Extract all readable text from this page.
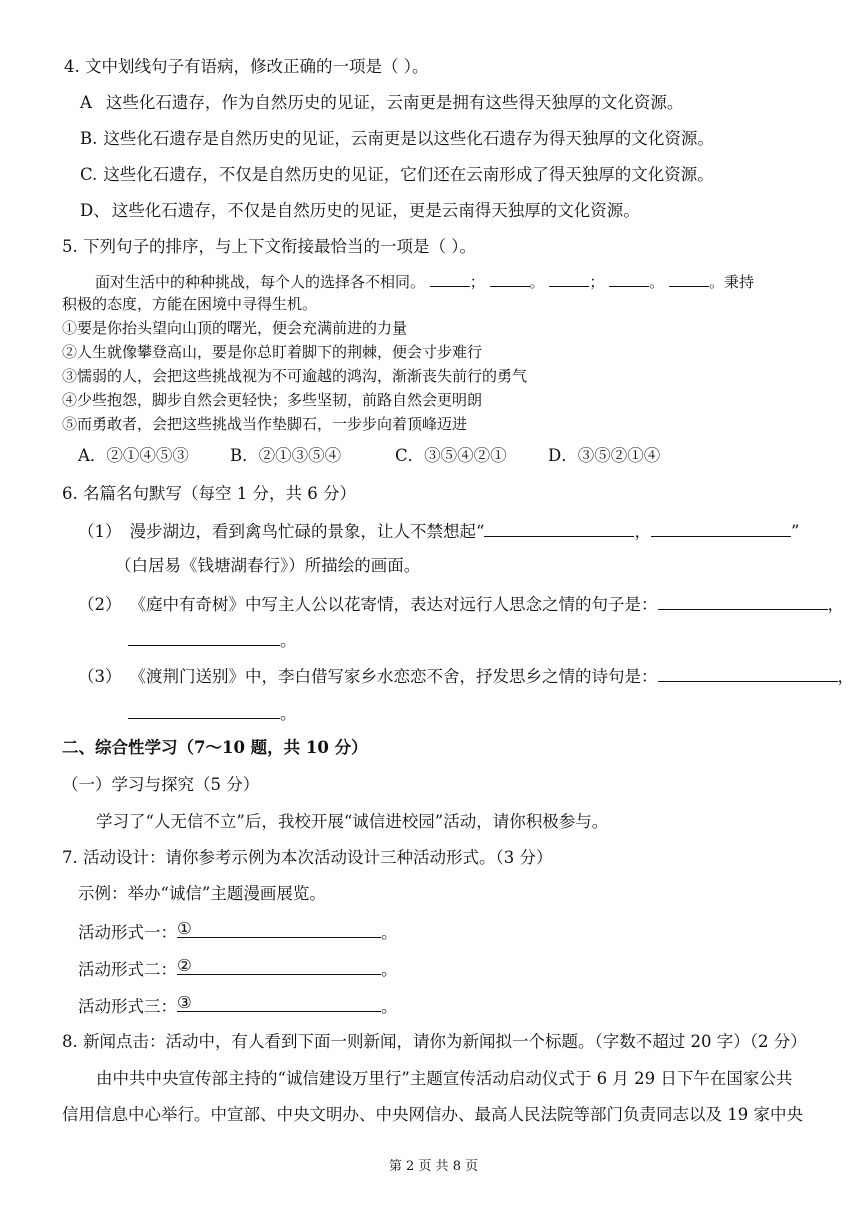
4. 文中划线句子有语病，修改正确的一项是（ ）。
A 这些化石遗存，作为自然历史的见证，云南更是拥有这些得天独厚的文化资源。
B. 这些化石遗存是自然历史的见证，云南更是以这些化石遗存为得天独厚的文化资源。
C. 这些化石遗存，不仅是自然历史的见证，它们还在云南形成了得天独厚的文化资源。
D、 这些化石遗存，不仅是自然历史的见证，更是云南得天独厚的文化资源。
5. 下列句子的排序，与上下文衔接最恰当的一项是（ ）。
面对生活中的种种挑战，每个人的选择各不相同。	；	。	；	。	。秉持
积极的态度，方能在困境中寻得生机。
①要是你抬头望向山顶的曙光，便会充满前进的力量
②人生就像攀登高山，要是你总盯着脚下的荆棘，便会寸步难行
③懦弱的人，会把这些挑战视为不可逾越的鸿沟，渐渐丧失前行的勇气
④少些抱怨，脚步自然会更轻快；多些坚韧，前路自然会更明朗
⑤而勇敢者，会把这些挑战当作垫脚石，一步步向着顶峰迈进
A．②①④⑤③ B．②①③⑤④	C．③⑤④②①	D．③⑤②①④
6. 名篇名句默写（每空 1 分，共 6 分）
（1） 漫步湖边，看到禽鸟忙碌的景象，让人不禁想起“	，	”
（白居易《钱塘湖春行》）所描绘的画面。
（2） 《庭中有奇树》中写主人公以花寄情，表达对远行人思念之情的句子是：	，
。
（3） 《渡荆门送别》中，李白借写家乡水恋恋不舍，抒发思乡之情的诗句是：	，
。
二、综合性学习（7～10 题，共 10 分）
（一）学习与探究（5 分）
学习了“人无信不立”后，我校开展“诚信进校园”活动，请你积极参与。
7. 活动设计：请你参考示例为本次活动设计三种活动形式。（3 分）
示例：举办“诚信”主题漫画展览。
活动形式一： ①	。
活动形式二： ②	。
活动形式三： ③	。
8. 新闻点击：活动中，有人看到下面一则新闻，请你为新闻拟一个标题。（字数不超过 20 字）（2 分）
由中共中央宣传部主持的“诚信建设万里行”主题宣传活动启动仪式于 6 月 29 日下午在国家公共
信用信息中心举行。中宣部、中央文明办、中央网信办、最高人民法院等部门负责同志以及 19 家中央
第 2 页 共 8 页
